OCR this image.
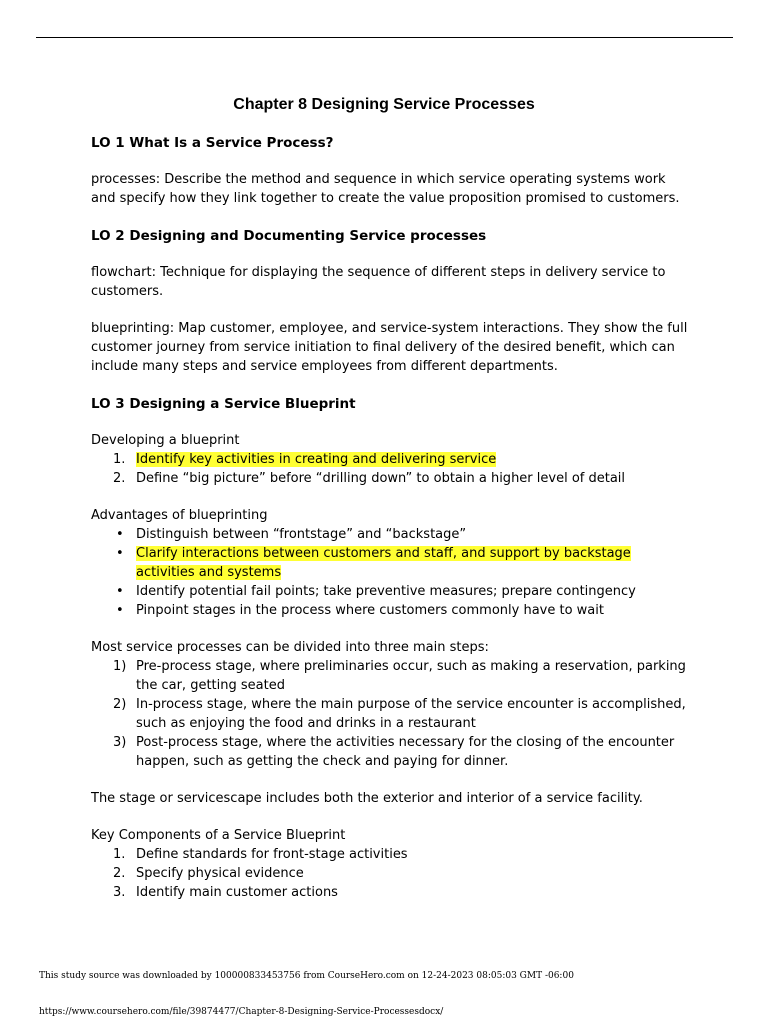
Chapter 8 Designing Service Processes
LO 1 What Is a Service Process?

processes: Describe the method and sequence in which service operating systems work and specify how they link together to create the value proposition promised to customers.

LO 2 Designing and Documenting Service processes

flowchart: Technique for displaying the sequence of different steps in delivery service to customers.

blueprinting: Map customer, employee, and service-system interactions. They show the full customer journey from service initiation to final delivery of the desired benefit, which can include many steps and service employees from different departments.

LO 3 Designing a Service Blueprint

Developing a blueprint

1. Identify key activities in creating and delivering service
2. Define “big picture” before “drilling down” to obtain a higher level of detail

Advantages of blueprinting

• Distinguish between “frontstage” and “backstage”
• Clarify interactions between customers and staff, and support by backstage activities and systems
• Identify potential fail points; take preventive measures; prepare contingency
• Pinpoint stages in the process where customers commonly have to wait

Most service processes can be divided into three main steps:

1) Pre-process stage, where preliminaries occur, such as making a reservation, parking the car, getting seated
2) In-process stage, where the main purpose of the service encounter is accomplished, such as enjoying the food and drinks in a restaurant
3) Post-process stage, where the activities necessary for the closing of the encounter happen, such as getting the check and paying for dinner.

The stage or servicescape includes both the exterior and interior of a service facility.

Key Components of a Service Blueprint

1. Define standards for front-stage activities
2. Specify physical evidence
3. Identify main customer actions
This study source was downloaded by 100000833453756 from CourseHero.com on 12-24-2023 08:05:03 GMT -06:00
https://www.coursehero.com/file/39874477/Chapter-8-Designing-Service-Processesdocx/
